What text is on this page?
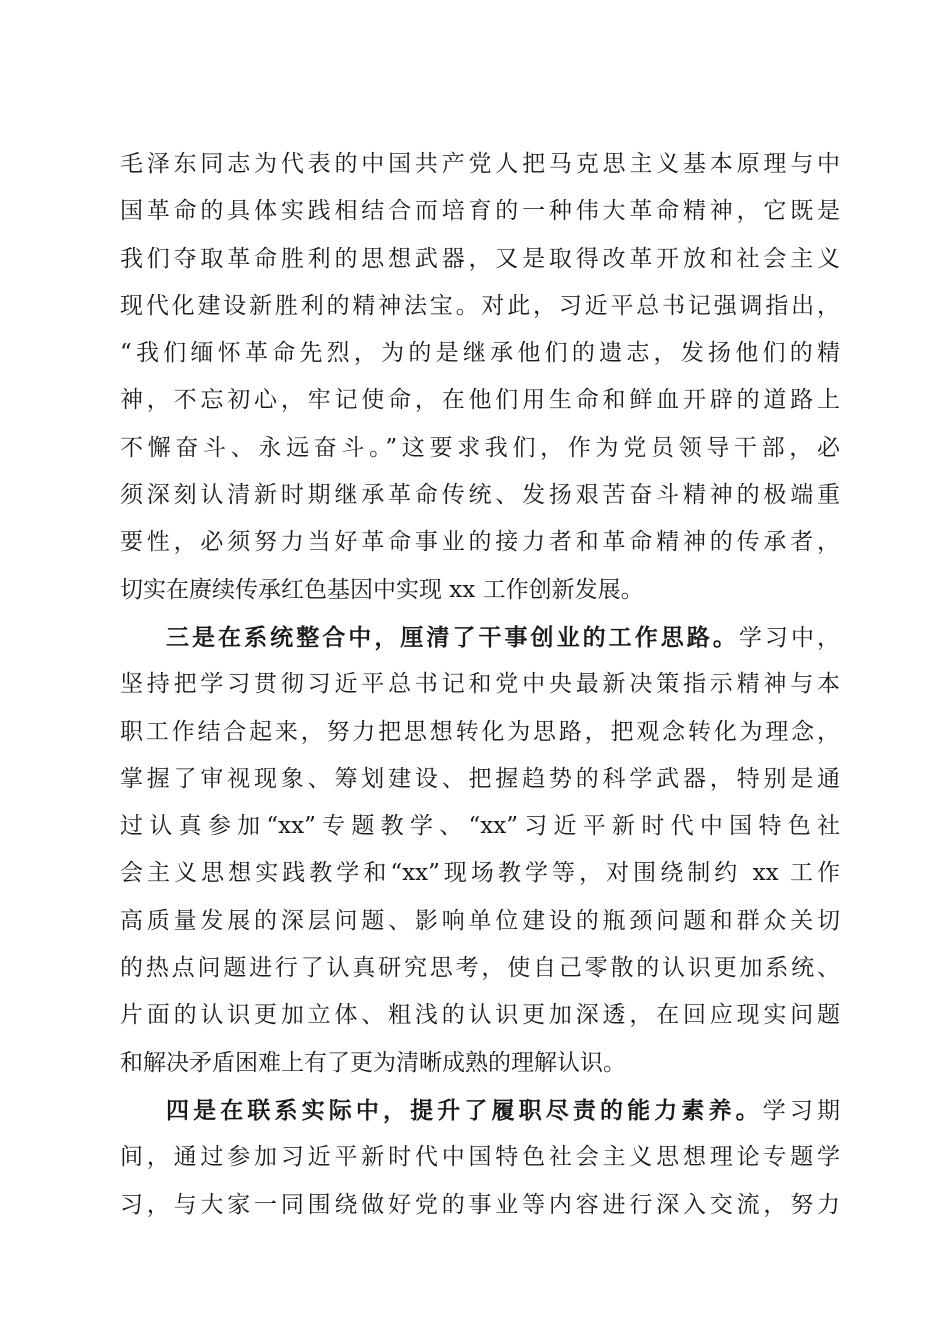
毛泽东同志为代表的中国共产党人把马克思主义基本原理与中
国革命的具体实践相结合而培育的一种伟大革命精神，它既是
我们夺取革命胜利的思想武器，又是取得改革开放和社会主义
现代化建设新胜利的精神法宝。对此，习近平总书记强调指出，
“我们缅怀革命先烈，为的是继承他们的遗志，发扬他们的精
神，不忘初心，牢记使命，在他们用生命和鲜血开辟的道路上
不懈奋斗、永远奋斗。”这要求我们，作为党员领导干部，必
须深刻认清新时期继承革命传统、发扬艰苦奋斗精神的极端重
要性，必须努力当好革命事业的接力者和革命精神的传承者，
切实在赓续传承红色基因中实现 xx 工作创新发展。
三是在系统整合中，厘清了干事创业的工作思路。学习中，
坚持把学习贯彻习近平总书记和党中央最新决策指示精神与本
职工作结合起来，努力把思想转化为思路，把观念转化为理念，
掌握了审视现象、筹划建设、把握趋势的科学武器，特别是通
过认真参加“xx”专题教学、“xx”习近平新时代中国特色社
会主义思想实践教学和“xx”现场教学等，对围绕制约 xx 工作
高质量发展的深层问题、影响单位建设的瓶颈问题和群众关切
的热点问题进行了认真研究思考，使自己零散的认识更加系统、
片面的认识更加立体、粗浅的认识更加深透，在回应现实问题
和解决矛盾困难上有了更为清晰成熟的理解认识。
四是在联系实际中，提升了履职尽责的能力素养。学习期
间，通过参加习近平新时代中国特色社会主义思想理论专题学
习，与大家一同围绕做好党的事业等内容进行深入交流，努力
